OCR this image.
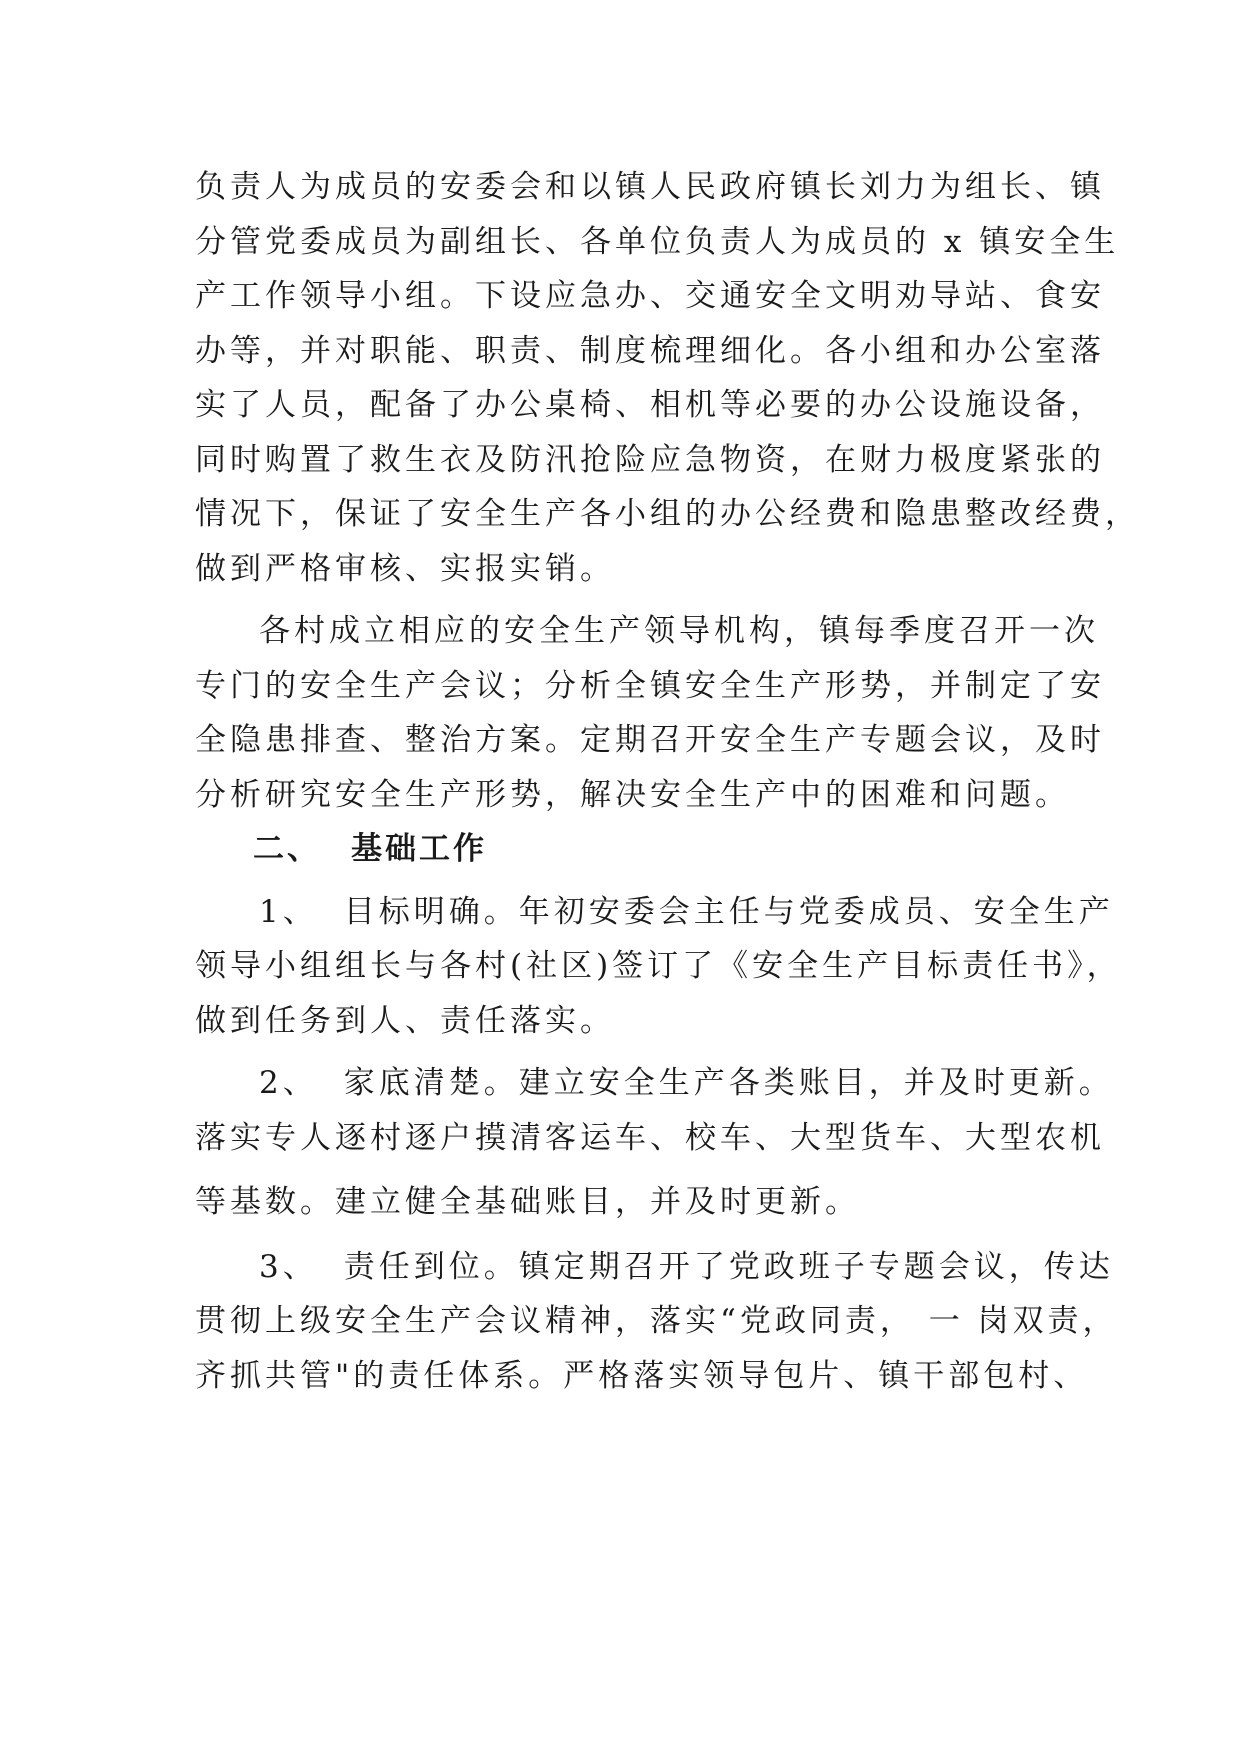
负责人为成员的安委会和以镇人民政府镇长刘力为组长、镇
分管党委成员为副组长、各单位负责人为成员的 x 镇安全生
产工作领导小组。下设应急办、交通安全文明劝导站、食安
办等，并对职能、职责、制度梳理细化。各小组和办公室落
实了人员，配备了办公桌椅、相机等必要的办公设施设备，
同时购置了救生衣及防汛抢险应急物资，在财力极度紧张的
情况下，保证了安全生产各小组的办公经费和隐患整改经费，
做到严格审核、实报实销。
各村成立相应的安全生产领导机构，镇每季度召开一次
专门的安全生产会议；分析全镇安全生产形势，并制定了安
全隐患排查、整治方案。定期召开安全生产专题会议，及时
分析研究安全生产形势，解决安全生产中的困难和问题。
二、 基础工作
1、 目标明确。年初安委会主任与党委成员、安全生产
领导小组组长与各村(社区)签订了《安全生产目标责任书》，
做到任务到人、责任落实。
2、 家底清楚。建立安全生产各类账目，并及时更新。
落实专人逐村逐户摸清客运车、校车、大型货车、大型农机
等基数。建立健全基础账目，并及时更新。
3、 责任到位。镇定期召开了党政班子专题会议，传达
贯彻上级安全生产会议精神，落实“党政同责， 一 岗双责，
齐抓共管"的责任体系。严格落实领导包片、镇干部包村、
